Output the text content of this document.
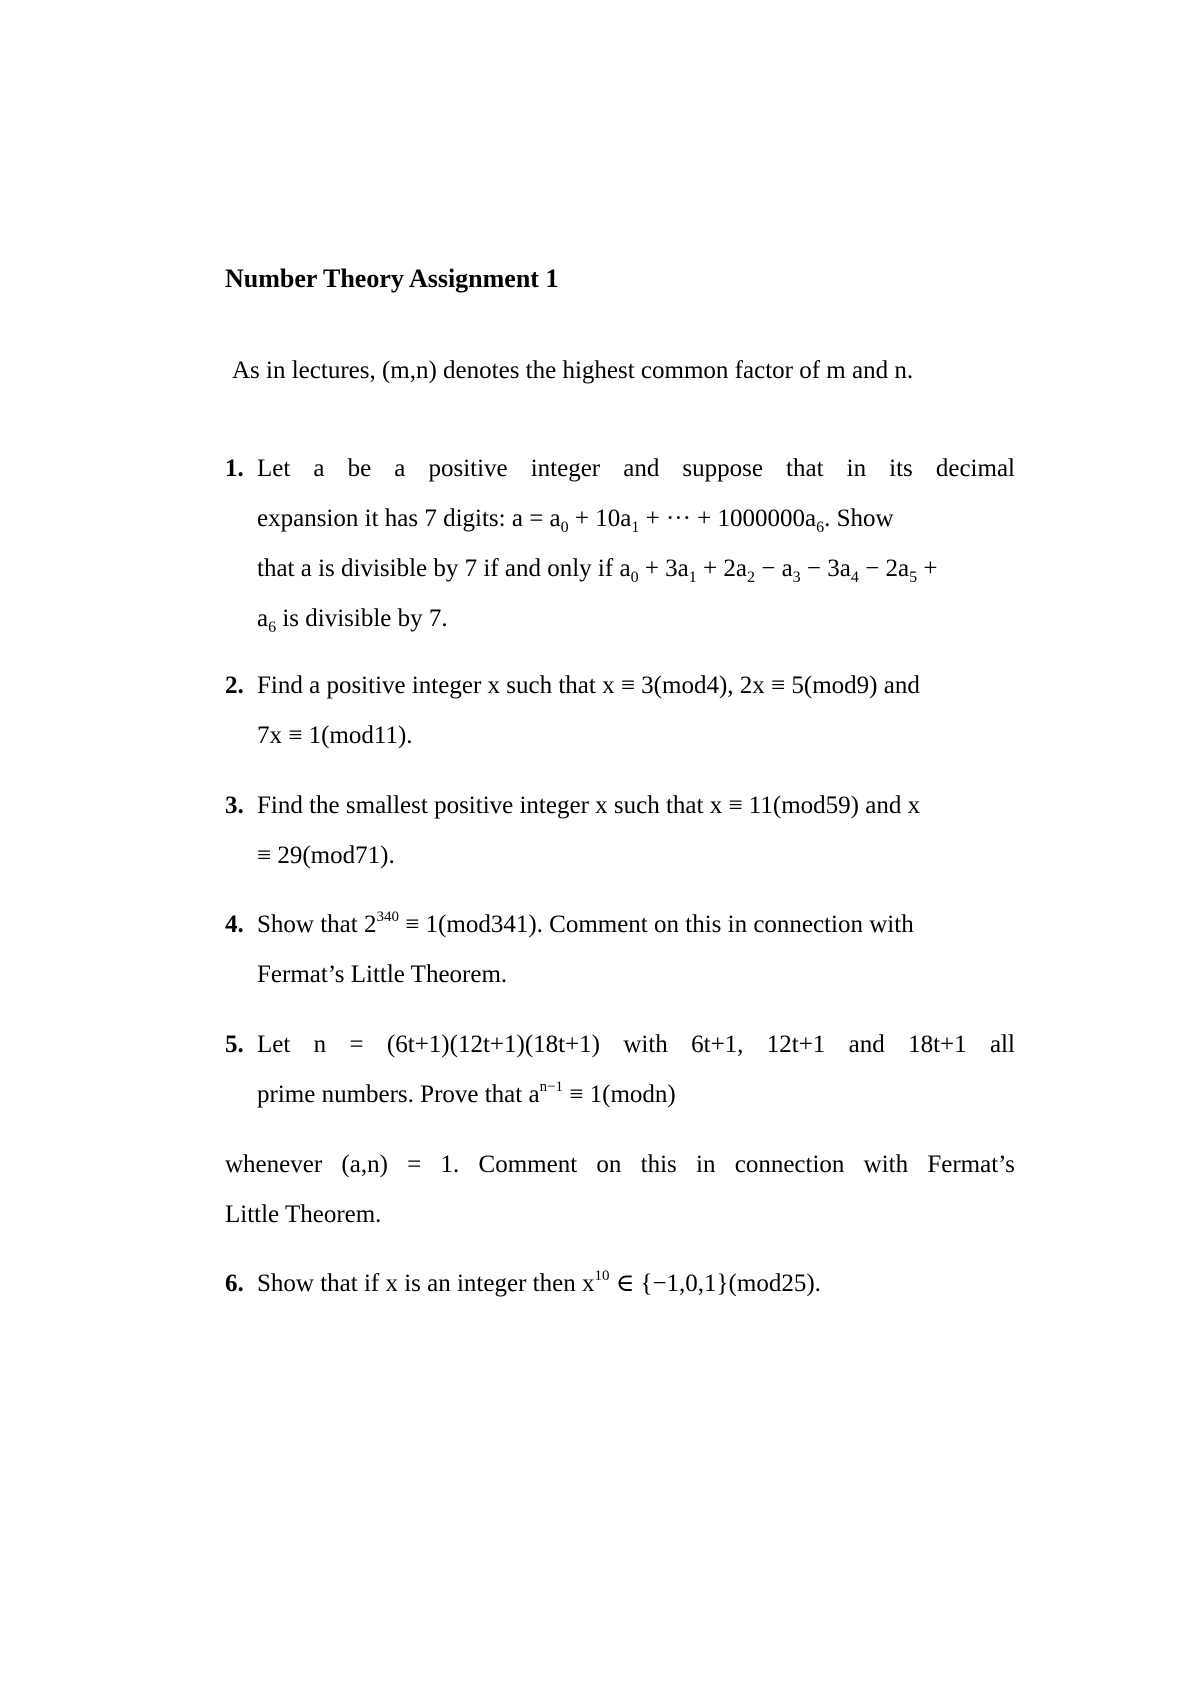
Number Theory Assignment 1

As in lectures, (m,n) denotes the highest common factor of m and n.

1. Let a be a positive integer and suppose that in its decimal
expansion it has 7 digits: $a = a_0 + 10a_1$ + ··· + $1000000a_6$. Show
that a is divisible by 7 if and only if $a_0 + 3a_1 + 2a_2 - a_3 - 3a_4 - 2a_5$ +
$a_6$ is divisible by 7.
2. Find a positive integer x such that x ≡ 3(mod4), 2x ≡ 5(mod9) and
7x ≡ 1(mod11).
3. Find the smallest positive integer x such that x ≡ 11(mod59) and x
≡ 29(mod71).
4. Show that $2^{340} \equiv 1(mod341)$. Comment on this in connection with
Fermat’s Little Theorem.
5. Let n = (6t+1)(12t+1)(18t+1) with 6t+1, 12t+1 and 18t+1 all
prime numbers. Prove that $a^{n-1}$ ≡ 1(modn)
whenever (a,n) = 1. Comment on this in connection with Fermat’s
Little Theorem.
6. Show that if x is an integer then $x^{10}$ ∈ {−1,0,1}(mod25).
